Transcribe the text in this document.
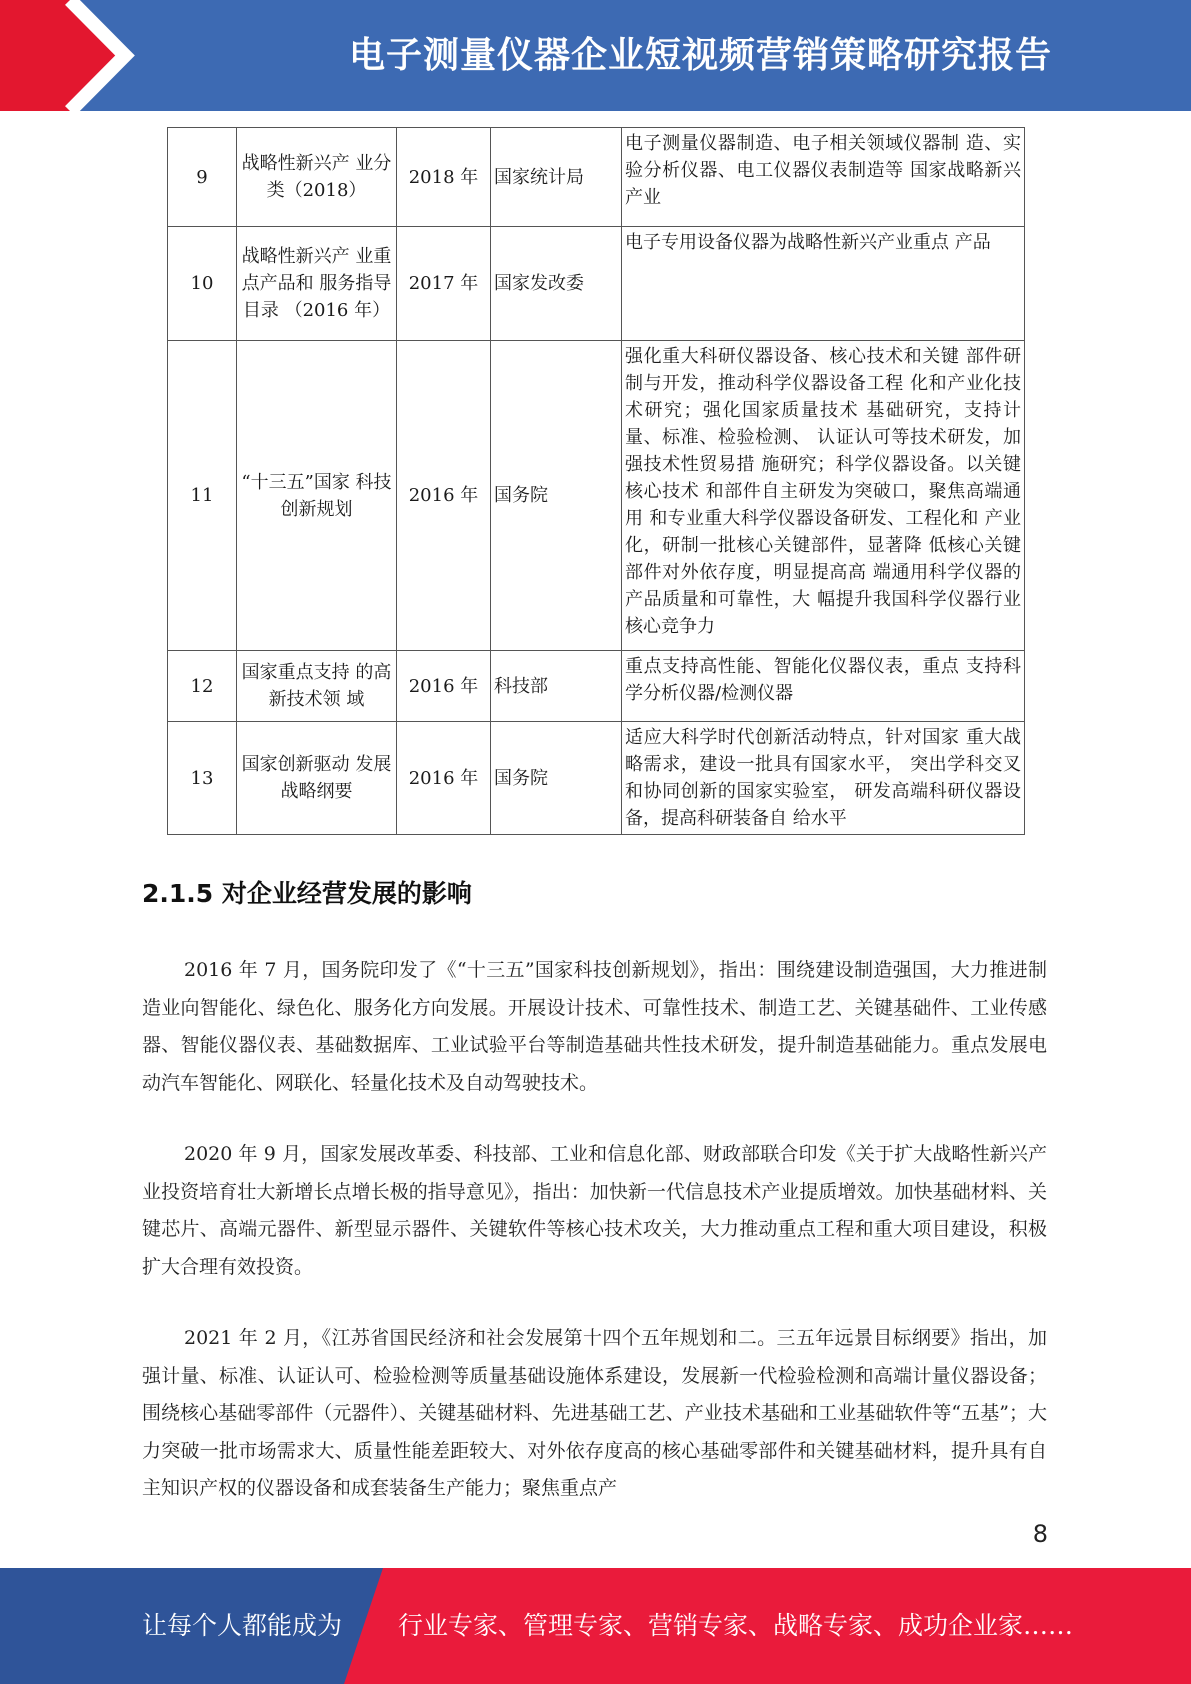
电子测量仪器企业短视频营销策略研究报告
9	战略性新兴产 业分类（2018）	2018 年	国家统计局	电子测量仪器制造、电子相关领域仪器制 造、实验分析仪器、电工仪器仪表制造等 国家战略新兴产业
10	战略性新兴产 业重点产品和 服务指导目录 （2016 年）	2017 年	国家发改委	电子专用设备仪器为战略性新兴产业重点 产品
11	“十三五”国家 科技创新规划	2016 年	国务院	强化重大科研仪器设备、核心技术和关键 部件研制与开发，推动科学仪器设备工程 化和产业化技术研究；强化国家质量技术 基础研究，支持计量、标准、检验检测、 认证认可等技术研发，加强技术性贸易措 施研究；科学仪器设备。以关键核心技术 和部件自主研发为突破口，聚焦高端通用 和专业重大科学仪器设备研发、工程化和 产业化，研制一批核心关键部件，显著降 低核心关键部件对外依存度，明显提高高 端通用科学仪器的产品质量和可靠性，大 幅提升我国科学仪器行业核心竞争力

12	国家重点支持 的高新技术领 域	2016 年	科技部	重点支持高性能、智能化仪器仪表，重点 支持科学分析仪器/检测仪器
13	国家创新驱动 发展战略纲要	2016 年	国务院	适应大科学时代创新活动特点，针对国家 重大战略需求，建设一批具有国家水平， 突出学科交叉和协同创新的国家实验室， 研发高端科研仪器设备，提高科研装备自 给水平
2.1.5 对企业经营发展的影响

2016 年 7 月，国务院印发了《“十三五”国家科技创新规划》，指出：围绕建设制造强国，大力推进制造业向智能化、绿色化、服务化方向发展。开展设计技术、可靠性技术、制造工艺、关键基础件、工业传感器、智能仪器仪表、基础数据库、工业试验平台等制造基础共性技术研发，提升制造基础能力。重点发展电动汽车智能化、网联化、轻量化技术及自动驾驶技术。

2020 年 9 月，国家发展改革委、科技部、工业和信息化部、财政部联合印发《关于扩大战略性新兴产业投资培育壮大新增长点增长极的指导意见》，指出：加快新一代信息技术产业提质增效。加快基础材料、关键芯片、高端元器件、新型显示器件、关键软件等核心技术攻关，大力推动重点工程和重大项目建设，积极扩大合理有效投资。

2021 年 2 月，《江苏省国民经济和社会发展第十四个五年规划和二。三五年远景目标纲要》指出，加强计量、标准、认证认可、检验检测等质量基础设施体系建设，发展新一代检验检测和高端计量仪器设备；围绕核心基础零部件（元器件）、关键基础材料、先进基础工艺、产业技术基础和工业基础软件等“五基”；大力突破一批市场需求大、质量性能差距较大、对外依存度高的核心基础零部件和关键基础材料，提升具有自主知识产权的仪器设备和成套装备生产能力；聚焦重点产

8
让每个人都能成为 行业专家、管理专家、营销专家、战略专家、成功企业家……
